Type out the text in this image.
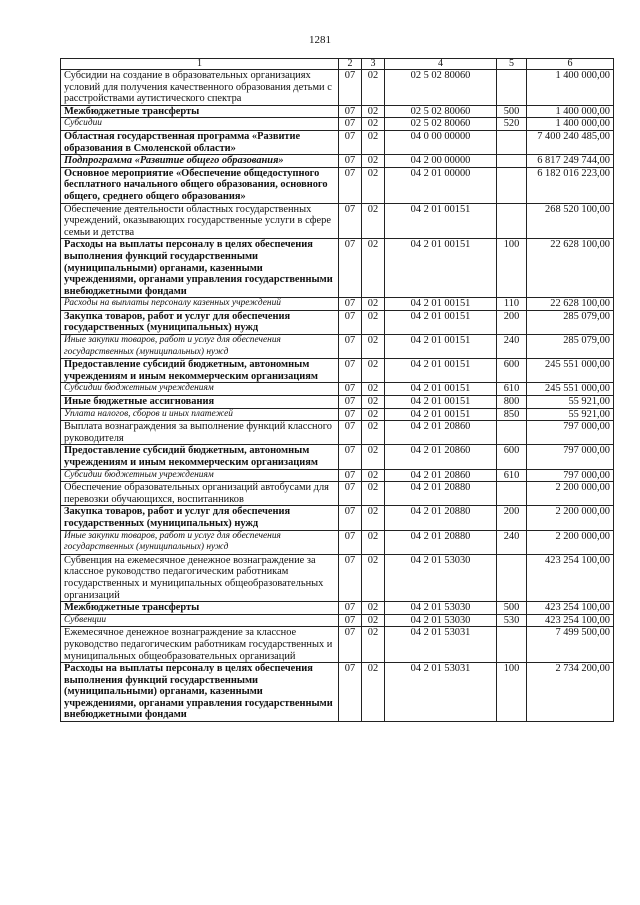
1281
1	2	3	4	5	6
Субсидии на создание в образовательных организациях условий для получения качественного образования детьми с расстройствами аутистического спектра	07	02	02 5 02 80060		1 400 000,00
Межбюджетные трансферты	07	02	02 5 02 80060	500	1 400 000,00
Субсидии	07	02	02 5 02 80060	520	1 400 000,00
Областная государственная программа «Развитие образования в Смоленской области»	07	02	04 0 00 00000		7 400 240 485,00
Подпрограмма «Развитие общего образования»	07	02	04 2 00 00000		6 817 249 744,00
Основное мероприятие «Обеспечение общедоступного бесплатного начального общего образования, основного общего, среднего общего образования»	07	02	04 2 01 00000		6 182 016 223,00
Обеспечение деятельности областных государственных учреждений, оказывающих государственные услуги в сфере семьи и детства	07	02	04 2 01 00151		268 520 100,00
Расходы на выплаты персоналу в целях обеспечения выполнения функций государственными (муниципальными) органами, казенными учреждениями, органами управления государственными внебюджетными фондами	07	02	04 2 01 00151	100	22 628 100,00
Расходы на выплаты персоналу казенных учреждений	07	02	04 2 01 00151	110	22 628 100,00
Закупка товаров, работ и услуг для обеспечения государственных (муниципальных) нужд	07	02	04 2 01 00151	200	285 079,00
Иные закупки товаров, работ и услуг для обеспечения государственных (муниципальных) нужд	07	02	04 2 01 00151	240	285 079,00
Предоставление субсидий бюджетным, автономным учреждениям и иным некоммерческим организациям	07	02	04 2 01 00151	600	245 551 000,00
Субсидии бюджетным учреждениям	07	02	04 2 01 00151	610	245 551 000,00
Иные бюджетные ассигнования	07	02	04 2 01 00151	800	55 921,00
Уплата налогов, сборов и иных платежей	07	02	04 2 01 00151	850	55 921,00
Выплата вознаграждения за выполнение функций классного руководителя	07	02	04 2 01 20860		797 000,00
Предоставление субсидий бюджетным, автономным учреждениям и иным некоммерческим организациям	07	02	04 2 01 20860	600	797 000,00
Субсидии бюджетным учреждениям	07	02	04 2 01 20860	610	797 000,00
Обеспечение образовательных организаций автобусами для перевозки обучающихся, воспитанников	07	02	04 2 01 20880		2 200 000,00
Закупка товаров, работ и услуг для обеспечения государственных (муниципальных) нужд	07	02	04 2 01 20880	200	2 200 000,00
Иные закупки товаров, работ и услуг для обеспечения государственных (муниципальных) нужд	07	02	04 2 01 20880	240	2 200 000,00
Субвенция на ежемесячное денежное вознаграждение за классное руководство педагогическим работникам государственных и муниципальных общеобразовательных организаций	07	02	04 2 01 53030		423 254 100,00
Межбюджетные трансферты	07	02	04 2 01 53030	500	423 254 100,00
Субвенции	07	02	04 2 01 53030	530	423 254 100,00
Ежемесячное денежное вознаграждение за классное руководство педагогическим работникам государственных и муниципальных общеобразовательных организаций	07	02	04 2 01 53031		7 499 500,00
Расходы на выплаты персоналу в целях обеспечения выполнения функций государственными (муниципальными) органами, казенными учреждениями, органами управления государственными внебюджетными фондами	07	02	04 2 01 53031	100	2 734 200,00
